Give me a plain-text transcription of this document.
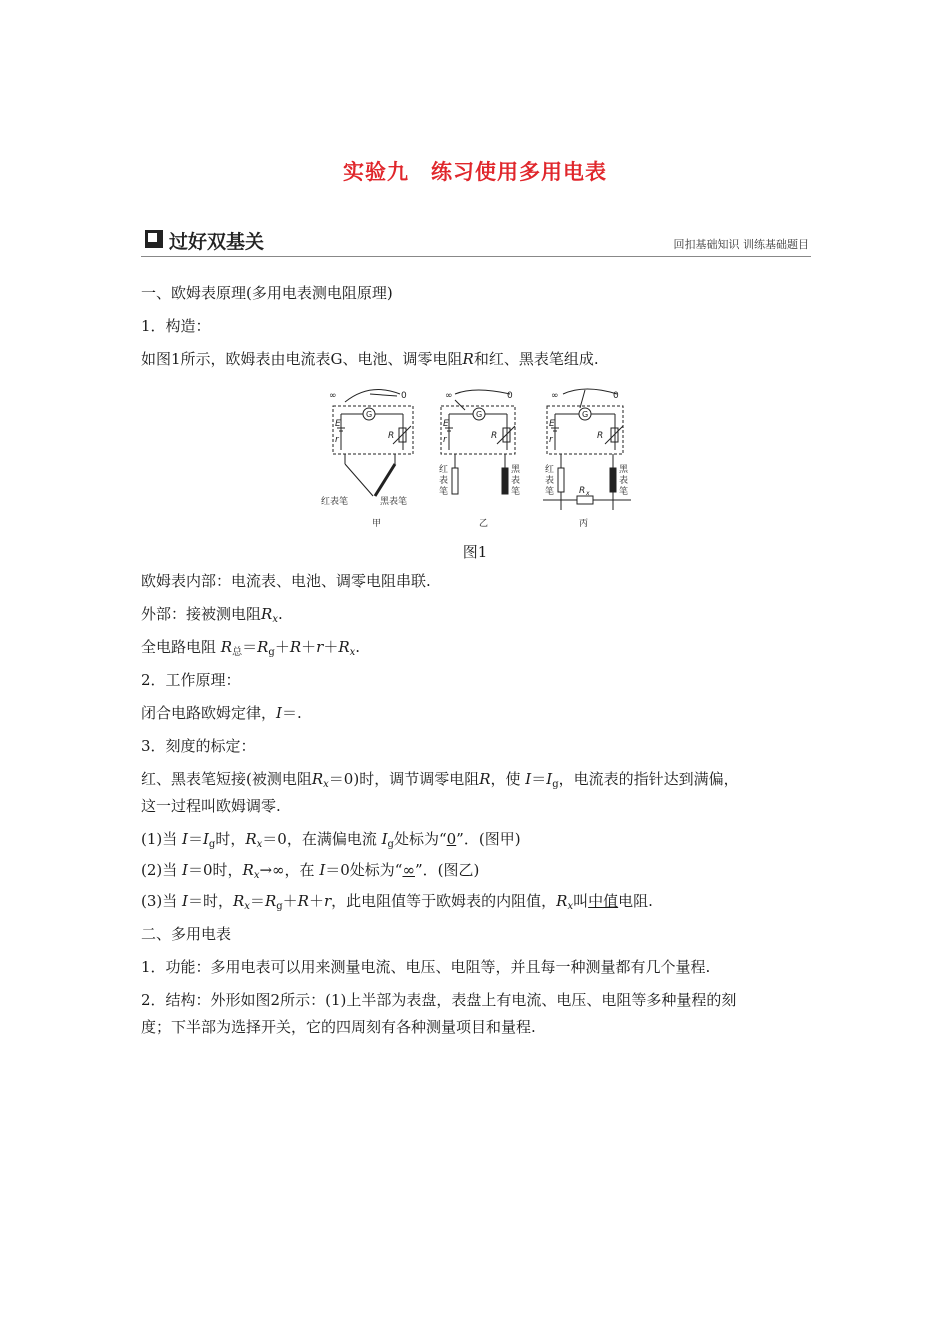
实验九 练习使用多用电表
过好双基关	回扣基础知识 训练基础题目
一、欧姆表原理(多用电表测电阻原理)
1．构造：
如图1所示，欧姆表由电流表G、电池、调零电阻R和红、黑表笔组成.
∞	0
G
E
r	R
红表笔	黑表笔
甲
∞	0
G
E
r	R
红
表
笔
黑
表
笔
乙
∞	0
G
E
r	R
红
表
笔
黑
表
笔
R x
丙
图1
欧姆表内部：电流表、电池、调零电阻串联.
外部：接被测电阻$R_x$.
全电路电阻 $R_总=R_g+R+r+R_x$.
2．工作原理：
闭合电路欧姆定律，I＝.
3．刻度的标定：
红、黑表笔短接(被测电阻$R_x=0$)时，调节调零电阻R，使 $I=I_g$，电流表的指针达到满偏，
这一过程叫欧姆调零.
(1)当 $I=I_g$时，$R_x=0$，在满偏电流 $I_g$处标为“0”．(图甲)
(2)当 I＝0时，$R_x\to\infty$，在 I＝0处标为“∞”．(图乙)
(3)当 I＝时，$R_x=R_g+R+r$，此电阻值等于欧姆表的内阻值，$R_x$叫中值电阻.
二、多用电表
1．功能：多用电表可以用来测量电流、电压、电阻等，并且每一种测量都有几个量程.
2．结构：外形如图2所示：(1)上半部为表盘，表盘上有电流、电压、电阻等多种量程的刻
度；下半部为选择开关，它的四周刻有各种测量项目和量程.
